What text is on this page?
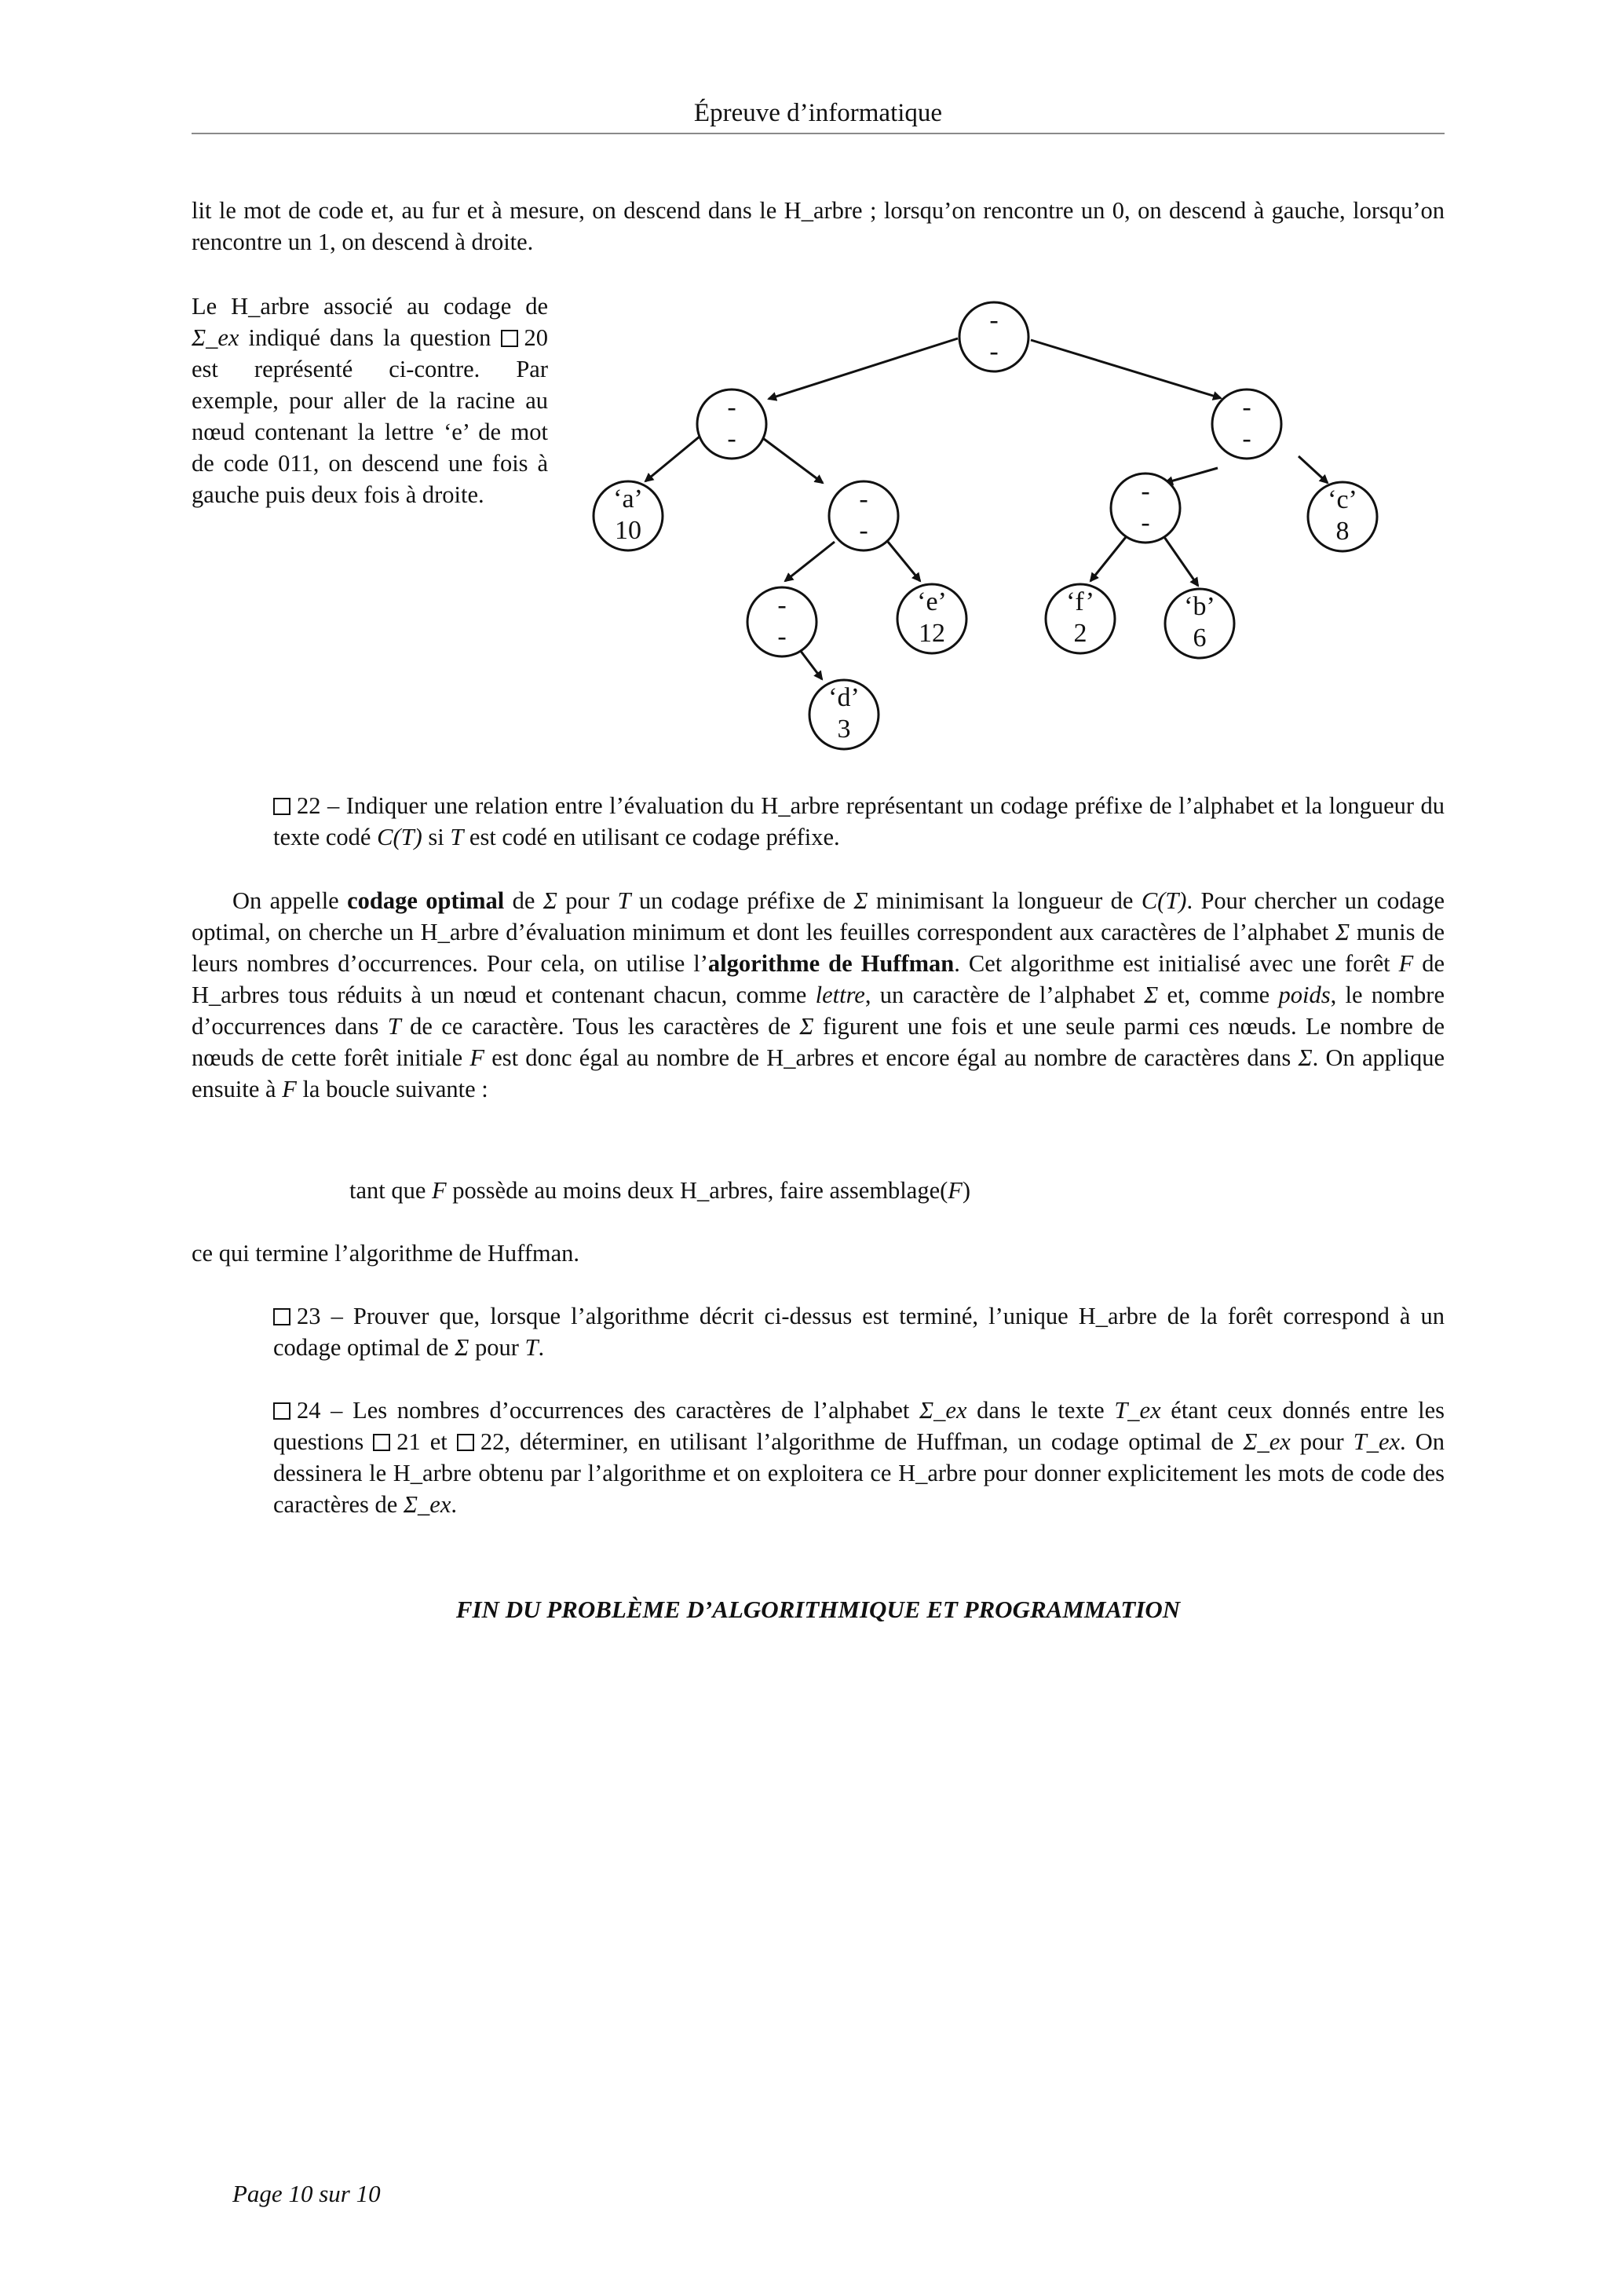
Épreuve d’informatique
lit le mot de code et, au fur et à mesure, on descend dans le H_arbre ; lorsqu’on rencontre un 0, on descend à gauche, lorsqu’on rencontre un 1, on descend à droite.
Le H_arbre associé au codage de Σ_ex indiqué dans la question 20 est représenté ci-contre. Par exemple, pour aller de la racine au nœud contenant la lettre ‘e’ de mot de code 011, on descend une fois à gauche puis deux fois à droite.
-
-
-
-
-
-
‘a’
10
-
-
-
-
‘c’
8
-
-
‘e’
12
‘f’
2
‘b’
6
‘d’
3
22 – Indiquer une relation entre l’évaluation du H_arbre représentant un codage préfixe de l’alphabet et la longueur du texte codé C(T) si T est codé en utilisant ce codage préfixe.
On appelle codage optimal de Σ pour T un codage préfixe de Σ minimisant la longueur de C(T). Pour chercher un codage optimal, on cherche un H_arbre d’évaluation minimum et dont les feuilles correspondent aux caractères de l’alphabet Σ munis de leurs nombres d’occurrences. Pour cela, on utilise l’algorithme de Huffman. Cet algorithme est initialisé avec une forêt F de H_arbres tous réduits à un nœud et contenant chacun, comme lettre, un caractère de l’alphabet Σ et, comme poids, le nombre d’occurrences dans T de ce caractère. Tous les caractères de Σ figurent une fois et une seule parmi ces nœuds. Le nombre de nœuds de cette forêt initiale F est donc égal au nombre de H_arbres et encore égal au nombre de caractères dans Σ. On applique ensuite à F la boucle suivante :
tant que F possède au moins deux H_arbres, faire assemblage(F)
ce qui termine l’algorithme de Huffman.
23 – Prouver que, lorsque l’algorithme décrit ci-dessus est terminé, l’unique H_arbre de la forêt correspond à un codage optimal de Σ pour T.
24 – Les nombres d’occurrences des caractères de l’alphabet Σ_ex dans le texte T_ex étant ceux donnés entre les questions 21 et 22, déterminer, en utilisant l’algorithme de Huffman, un codage optimal de Σ_ex pour T_ex. On dessinera le H_arbre obtenu par l’algorithme et on exploitera ce H_arbre pour donner explicitement les mots de code des caractères de Σ_ex.
FIN DU PROBLÈME D’ALGORITHMIQUE ET PROGRAMMATION
Page 10 sur 10
